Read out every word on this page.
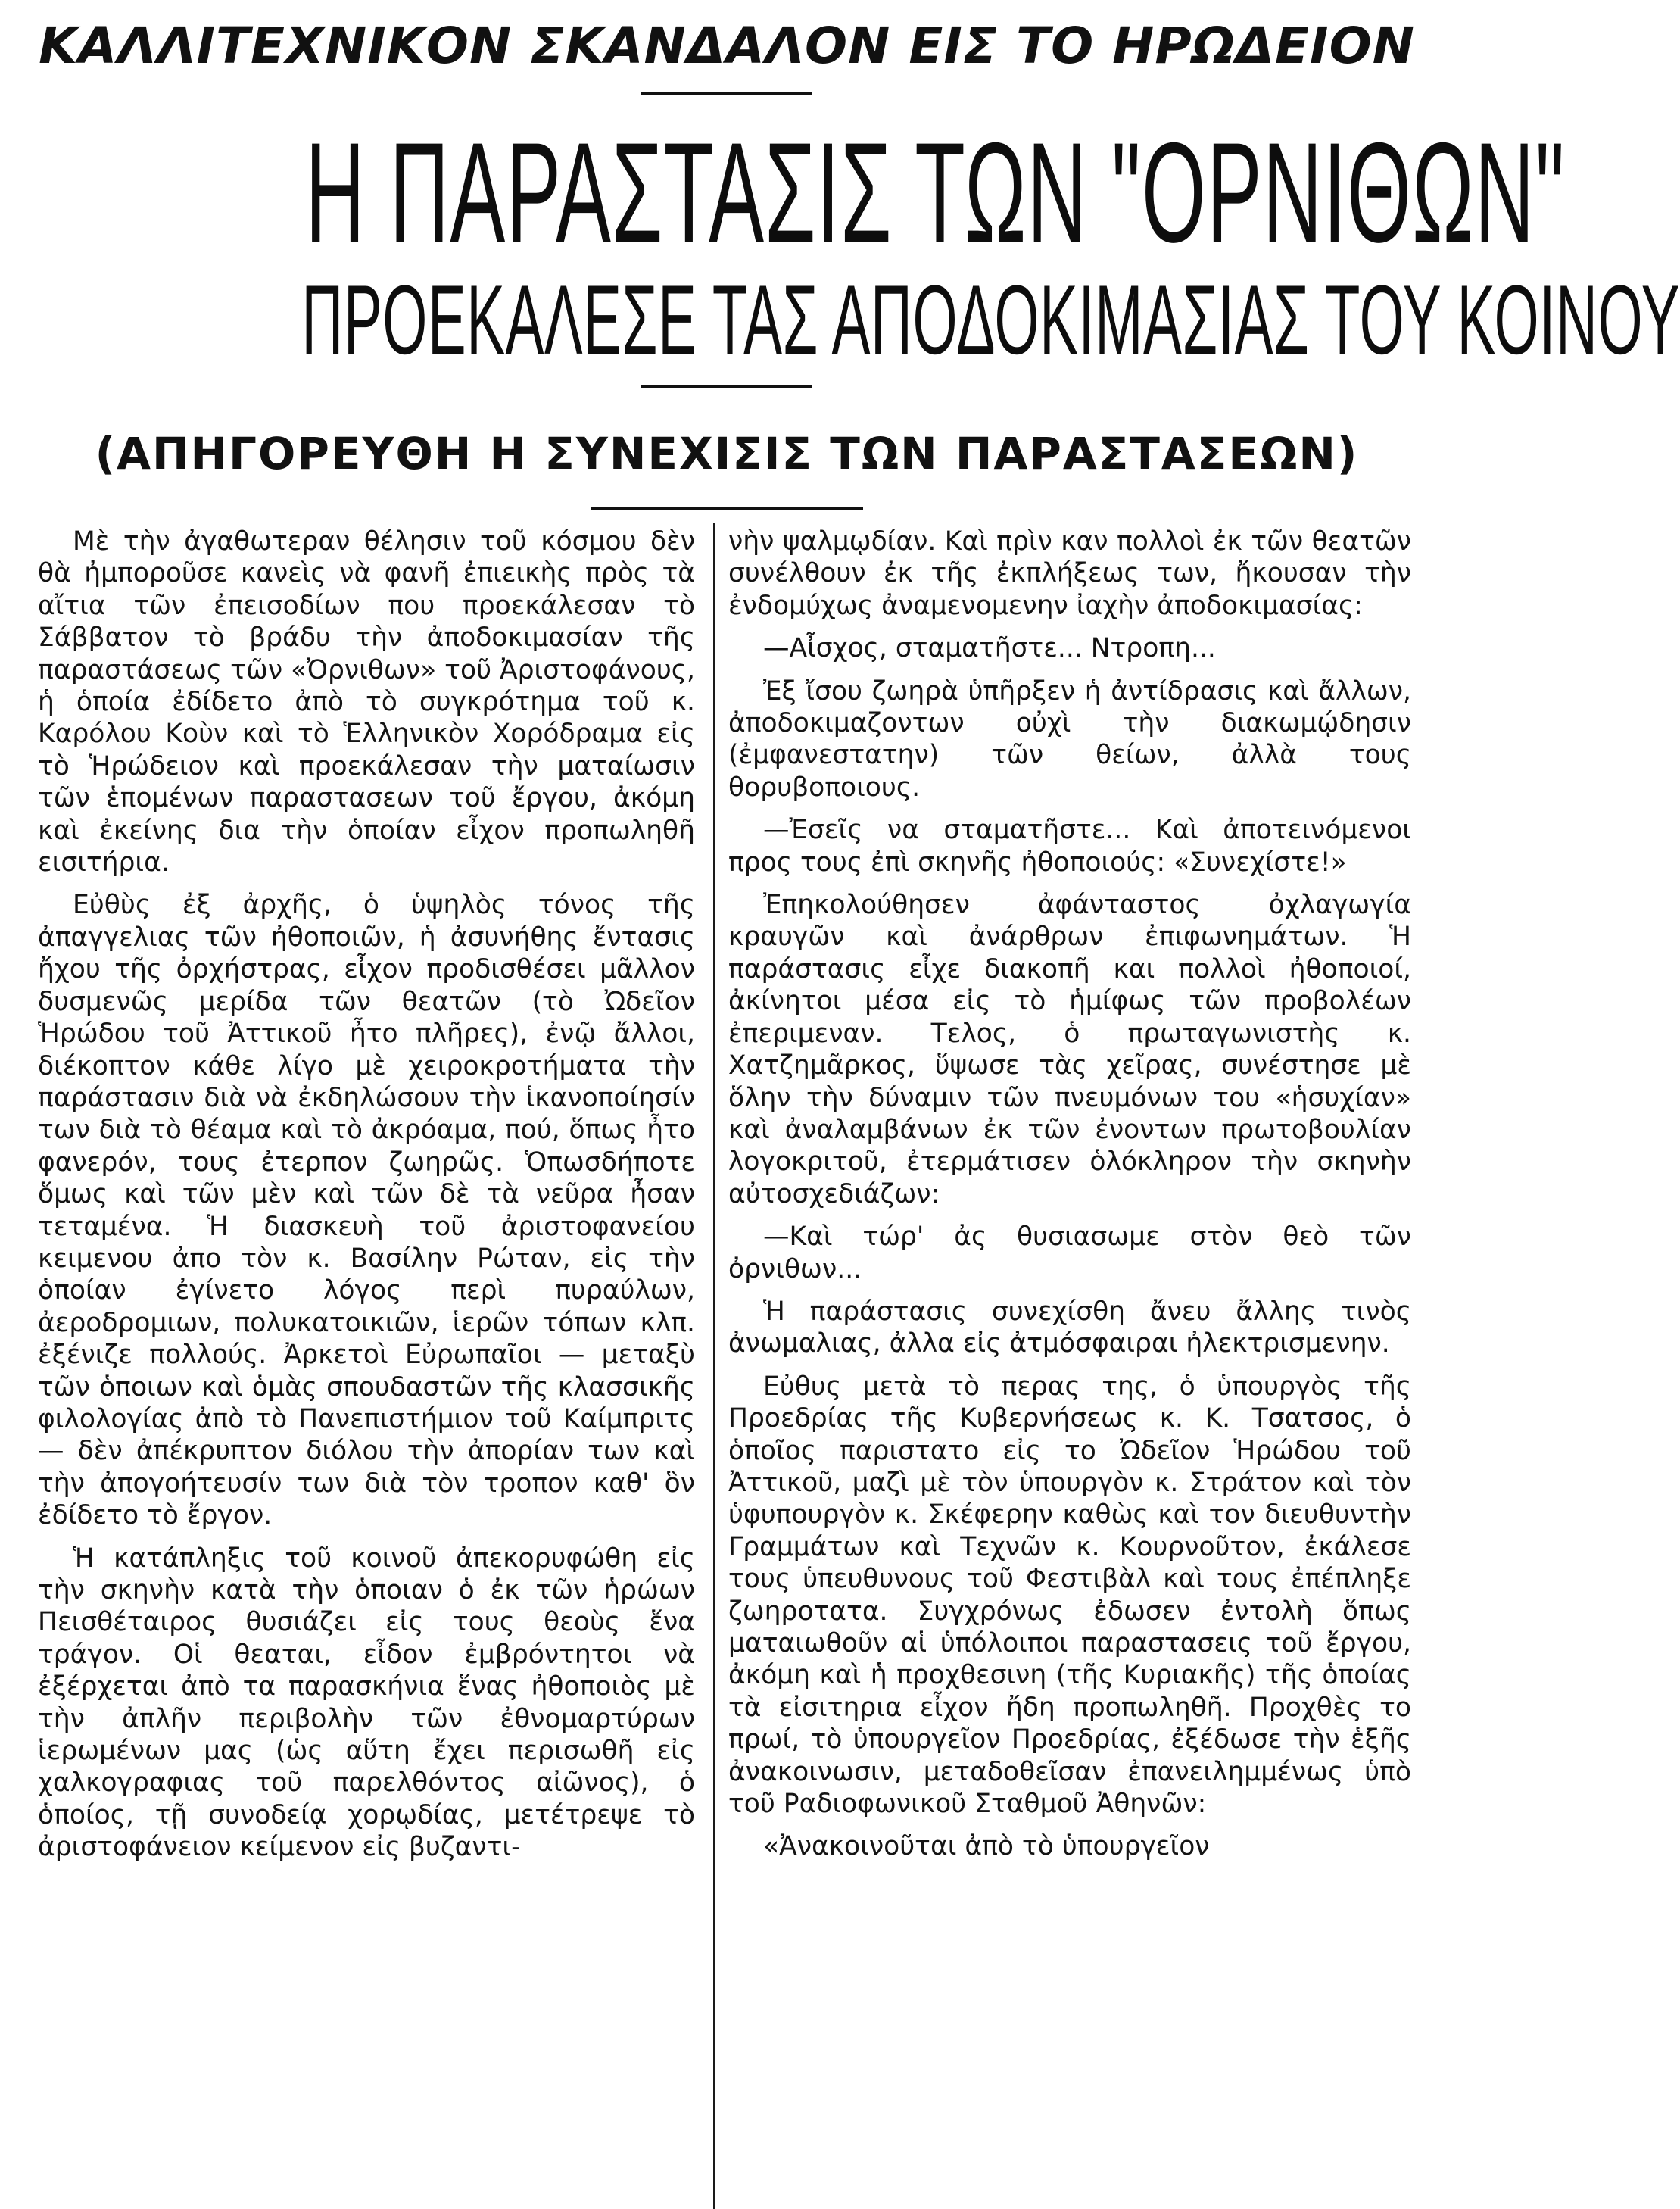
ΚΑΛΛΙΤΕΧΝΙΚΟΝ ΣΚΑΝΔΑΛΟΝ ΕΙΣ ΤΟ ΗΡΩΔΕΙΟΝ
Η ΠΑΡΑΣΤΑΣΙΣ ΤΩΝ "ΟΡΝΙΘΩΝ"
ΠΡΟΕΚΑΛΕΣΕ ΤΑΣ ΑΠΟΔΟΚΙΜΑΣΙΑΣ ΤΟΥ ΚΟΙΝΟΥ
(ΑΠΗΓΟΡΕΥΘΗ Η ΣΥΝΕΧΙΣΙΣ ΤΩΝ ΠΑΡΑΣΤΑΣΕΩΝ)

Μὲ τὴν ἀγαθωτεραν θέλησιν τοῦ κόσμου δὲν θὰ ἠμποροῦσε κανεὶς νὰ φανῆ ἐπιεικὴς πρὸς τὰ αἴτια τῶν ἐπεισοδίων που προεκάλεσαν τὸ Σάββατον τὸ βράδυ τὴν ἀποδοκιμασίαν τῆς παραστάσεως τῶν «Ὀρνιθων» τοῦ Ἀριστοφάνους, ἡ ὁποία ἐδίδετο ἀπὸ τὸ συγκρότημα τοῦ κ. Καρόλου Κοὺν καὶ τὸ Ἑλληνικὸν Χορόδραμα εἰς τὸ Ἡρώδειον καὶ προεκάλεσαν τὴν ματαίωσιν τῶν ἑπομένων παραστασεων τοῦ ἔργου, ἀκόμη καὶ ἐκείνης δια τὴν ὁποίαν εἶχον προπωληθῆ εισιτήρια.

Εὐθὺς ἐξ ἀρχῆς, ὁ ὑψηλὸς τόνος τῆς ἀπαγγελιας τῶν ἠθοποιῶν, ἡ ἀσυνήθης ἔντασις ἤχου τῆς ὀρχήστρας, εἶχον προδισθέσει μᾶλλον δυσμενῶς μερίδα τῶν θεατῶν (τὸ Ὠδεῖον Ἡρώδου τοῦ Ἀττικοῦ ἦτο πλῆρες), ἐνῷ ἄλλοι, διέκοπτον κάθε λίγο μὲ χειροκροτήματα τὴν παράστασιν διὰ νὰ ἐκδηλώσουν τὴν ἱκανοποίησίν των διὰ τὸ θέαμα καὶ τὸ ἀκρόαμα, πού, ὅπως ἦτο φανερόν, τους ἐτερπον ζωηρῶς. Ὁπωσδήποτε ὅμως καὶ τῶν μὲν καὶ τῶν δὲ τὰ νεῦρα ἦσαν τεταμένα. Ἡ διασκευὴ τοῦ ἀριστοφανείου κειμενου ἀπο τὸν κ. Βασίλην Ρώταν, εἰς τὴν ὁποίαν ἐγίνετο λόγος περὶ πυραύλων, ἀεροδρομιων, πολυκατοικιῶν, ἱερῶν τόπων κλπ. ἐξένιζε πολλούς. Ἀρκετοὶ Εὐρωπαῖοι — μεταξὺ τῶν ὁποιων καὶ ὁμὰς σπουδαστῶν τῆς κλασσικῆς φιλολογίας ἀπὸ τὸ Πανεπιστήμιον τοῦ Καίμπριτς — δὲν ἀπέκρυπτον διόλου τὴν ἀπορίαν των καὶ τὴν ἀπογοήτευσίν των διὰ τὸν τροπον καθ' ὃν ἐδίδετο τὸ ἔργον.

Ἡ κατάπληξις τοῦ κοινοῦ ἀπεκορυφώθη εἰς τὴν σκηνὴν κατὰ τὴν ὁποιαν ὁ ἐκ τῶν ἡρώων Πεισθέταιρος θυσιάζει εἰς τους θεοὺς ἕνα τράγον. Οἱ θεαται, εἶδον ἐμβρόντητοι νὰ ἐξέρχεται ἀπὸ τα παρασκήνια ἕνας ἠθοποιὸς μὲ τὴν ἀπλῆν περιβολὴν τῶν ἐθνομαρτύρων ἱερωμένων μας (ὡς αὕτη ἔχει περισωθῆ εἰς χαλκογραφιας τοῦ παρελθόντος αἰῶνος), ὁ ὁποίος, τῇ συνοδείᾳ χορῳδίας, μετέτρεψε τὸ ἀριστοφάνειον κείμενον εἰς βυζαντι-

νὴν ψαλμῳδίαν. Καὶ πρὶν καν πολλοὶ ἐκ τῶν θεατῶν συνέλθουν ἐκ τῆς ἐκπλήξεως των, ἤκουσαν τὴν ἐνδομύχως ἀναμενομενην ἰαχὴν ἀποδοκιμασίας:

—Αἶσχος, σταματῆστε... Ντροπη...

Ἐξ ἴσου ζωηρὰ ὑπῆρξεν ἡ ἀντίδρασις καὶ ἄλλων, ἀποδοκιμαζοντων οὐχὶ τὴν διακωμῴδησιν (ἐμφανεστατην) τῶν θείων, ἀλλὰ τους θορυβοποιους.

—Ἐσεῖς να σταματῆστε... Καὶ ἀποτεινόμενοι προς τους ἐπὶ σκηνῆς ἠθοποιούς: «Συνεχίστε!»

Ἐπηκολούθησεν ἀφάνταστος ὀχλαγωγία κραυγῶν καὶ ἀνάρθρων ἐπιφωνημάτων. Ἡ παράστασις εἶχε διακοπῆ και πολλοὶ ἠθοποιοί, ἀκίνητοι μέσα εἰς τὸ ἡμίφως τῶν προβολέων ἐπεριμεναν. Τελος, ὁ πρωταγωνιστὴς κ. Χατζημᾶρκος, ὕψωσε τὰς χεῖρας, συνέστησε μὲ ὅλην τὴν δύναμιν τῶν πνευμόνων του «ἡσυχίαν» καὶ ἀναλαμβάνων ἐκ τῶν ἐνοντων πρωτοβουλίαν λογοκριτοῦ, ἐτερμάτισεν ὁλόκληρον τὴν σκηνὴν αὐτοσχεδιάζων:

—Καὶ τώρ' ἀς θυσιασωμε στὸν θεὸ τῶν ὀρνιθων...

Ἡ παράστασις συνεχίσθη ἄνευ ἄλλης τινὸς ἀνωμαλιας, ἀλλα εἰς ἀτμόσφαιραι ἠλεκτρισμενην.

Εὐθυς μετὰ τὸ περας της, ὁ ὑπουργὸς τῆς Προεδρίας τῆς Κυβερνήσεως κ. Κ. Τσατσος, ὁ ὁποῖος παριστατο εἰς το Ὠδεῖον Ἡρώδου τοῦ Ἀττικοῦ, μαζὶ μὲ τὸν ὑπουργὸν κ. Στράτον καὶ τὸν ὑφυπουργὸν κ. Σκέφερην καθὼς καὶ τον διευθυντὴν Γραμμάτων καὶ Τεχνῶν κ. Κουρνοῦτον, ἐκάλεσε τους ὑπευθυνους τοῦ Φεστιβὰλ καὶ τους ἐπέπληξε ζωηροτατα. Συγχρόνως ἐδωσεν ἐντολὴ ὅπως ματαιωθοῦν αἱ ὑπόλοιποι παραστασεις τοῦ ἔργου, ἀκόμη καὶ ἡ προχθεσινη (τῆς Κυριακῆς) τῆς ὁποίας τὰ εἰσιτηρια εἶχον ἤδη προπωληθῆ. Προχθὲς το πρωί, τὸ ὑπουργεῖον Προεδρίας, ἐξέδωσε τὴν ἑξῆς ἀνακοινωσιν, μεταδοθεῖσαν ἐπανειλημμένως ὑπὸ τοῦ Ραδιοφωνικοῦ Σταθμοῦ Ἀθηνῶν:

«Ἀνακοινοῦται ἀπὸ τὸ ὑπουργεῖον
